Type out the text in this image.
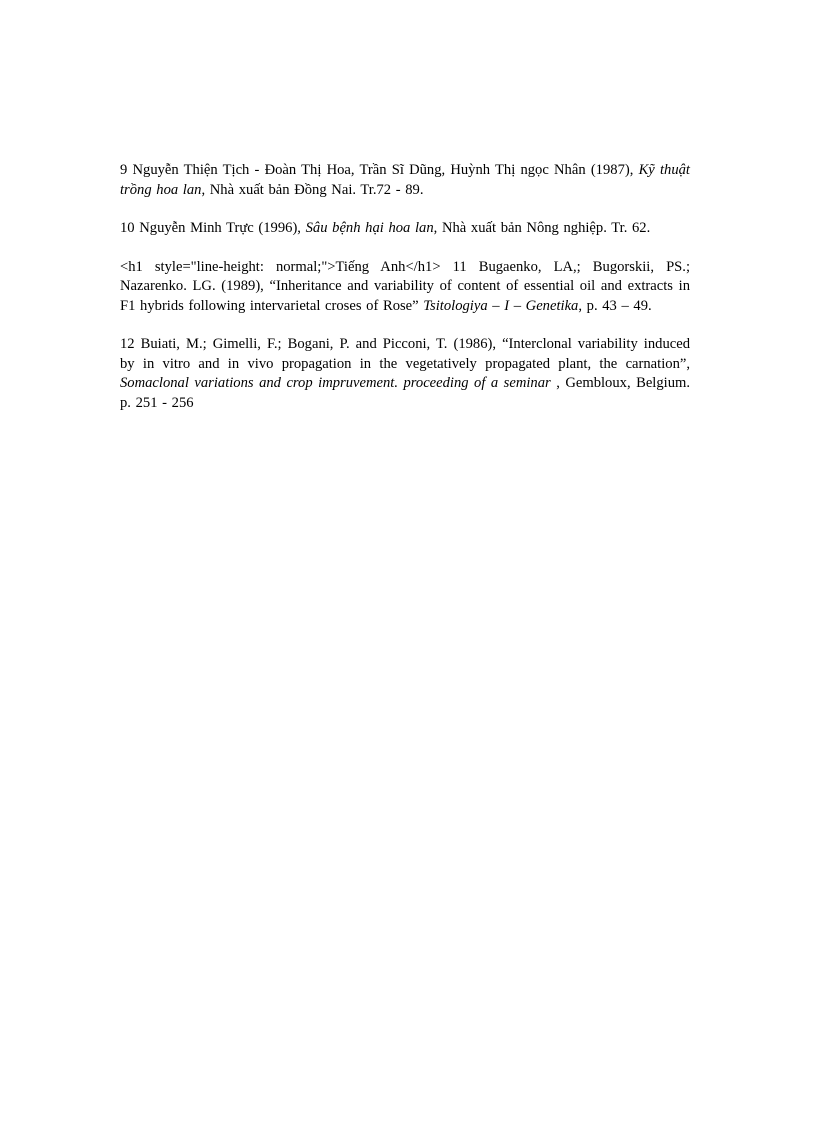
9 Nguyễn Thiện Tịch - Đoàn Thị Hoa, Trần Sĩ Dũng, Huỳnh Thị ngọc Nhân (1987), Kỹ thuật trồng hoa lan, Nhà xuất bản Đồng Nai. Tr.72 - 89.

10 Nguyễn Minh Trực (1996), Sâu bệnh hại hoa lan, Nhà xuất bản Nông nghiệp. Tr. 62.

<h1 style="line-height: normal;">Tiếng Anh</h1> 11 Bugaenko, LA,; Bugorskii, PS.; Nazarenko. LG. (1989), “Inheritance and variability of content of essential oil and extracts in F1 hybrids following intervarietal croses of Rose” Tsitologiya – I – Genetika, p. 43 – 49.

12 Buiati, M.; Gimelli, F.; Bogani, P. and Picconi, T. (1986), “Interclonal variability induced by in vitro and in vivo propagation in the vegetatively propagated plant, the carnation”, Somaclonal variations and crop impruvement. proceeding of a seminar , Gembloux, Belgium. p. 251 - 256
